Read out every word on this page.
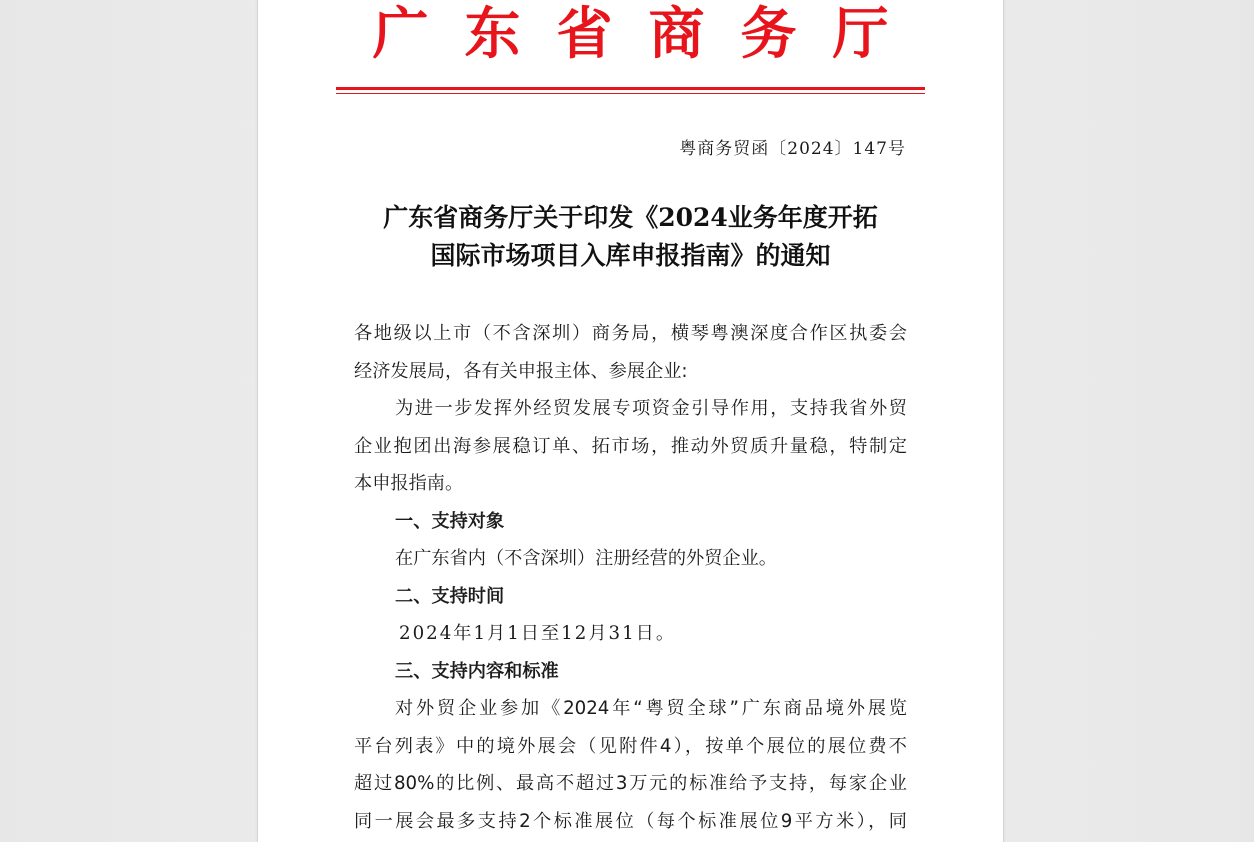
广东省商务厅
粤商务贸函〔2024〕147号
广东省商务厅关于印发《2024业务年度开拓
国际市场项目入库申报指南》的通知
各地级以上市（不含深圳）商务局，横琴粤澳深度合作区执委会
经济发展局，各有关申报主体、参展企业:
为进一步发挥外经贸发展专项资金引导作用，支持我省外贸
企业抱团出海参展稳订单、拓市场，推动外贸质升量稳，特制定
本申报指南。
一、支持对象
在广东省内（不含深圳）注册经营的外贸企业。
二、支持时间
2024年1月1日至12月31日。
三、支持内容和标准
对外贸企业参加《2024年“粤贸全球”广东商品境外展览
平台列表》中的境外展会（见附件4），按单个展位的展位费不
超过80%的比例、最高不超过3万元的标准给予支持，每家企业
同一展会最多支持2个标准展位（每个标准展位9平方米），同
